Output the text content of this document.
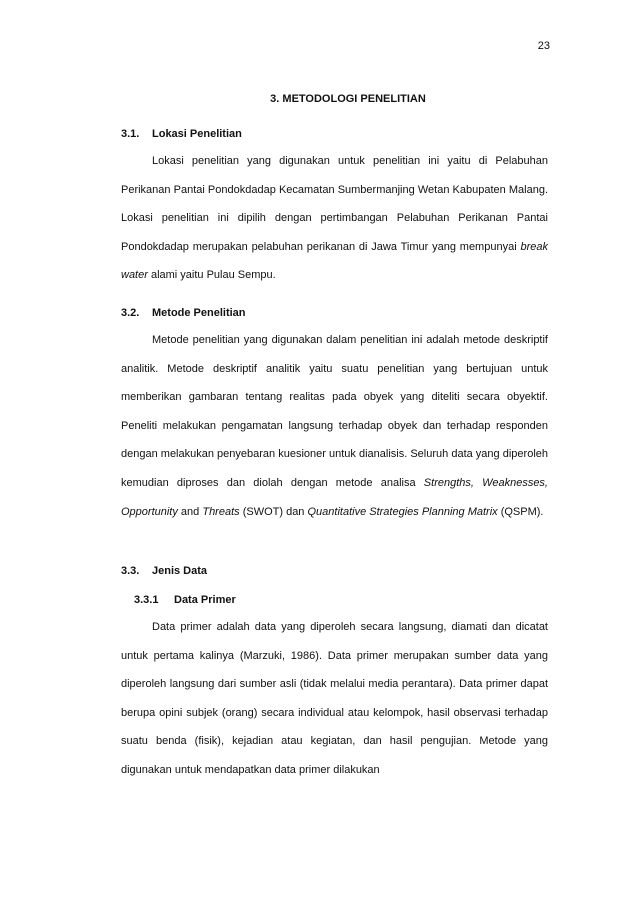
23
3. METODOLOGI PENELITIAN
3.1. Lokasi Penelitian

Lokasi penelitian yang digunakan untuk penelitian ini yaitu di Pelabuhan Perikanan Pantai Pondokdadap Kecamatan Sumbermanjing Wetan Kabupaten Malang. Lokasi penelitian ini dipilih dengan pertimbangan Pelabuhan Perikanan Pantai Pondokdadap merupakan pelabuhan perikanan di Jawa Timur yang mempunyai break water alami yaitu Pulau Sempu.

3.2. Metode Penelitian

Metode penelitian yang digunakan dalam penelitian ini adalah metode deskriptif analitik. Metode deskriptif analitik yaitu suatu penelitian yang bertujuan untuk memberikan gambaran tentang realitas pada obyek yang diteliti secara obyektif. Peneliti melakukan pengamatan langsung terhadap obyek dan terhadap responden dengan melakukan penyebaran kuesioner untuk dianalisis. Seluruh data yang diperoleh kemudian diproses dan diolah dengan metode analisa Strengths, Weaknesses, Opportunity and Threats (SWOT) dan Quantitative Strategies Planning Matrix (QSPM).

3.3. Jenis Data
3.3.1 Data Primer

Data primer adalah data yang diperoleh secara langsung, diamati dan dicatat untuk pertama kalinya (Marzuki, 1986). Data primer merupakan sumber data yang diperoleh langsung dari sumber asli (tidak melalui media perantara). Data primer dapat berupa opini subjek (orang) secara individual atau kelompok, hasil observasi terhadap suatu benda (fisik), kejadian atau kegiatan, dan hasil pengujian. Metode yang digunakan untuk mendapatkan data primer dilakukan
